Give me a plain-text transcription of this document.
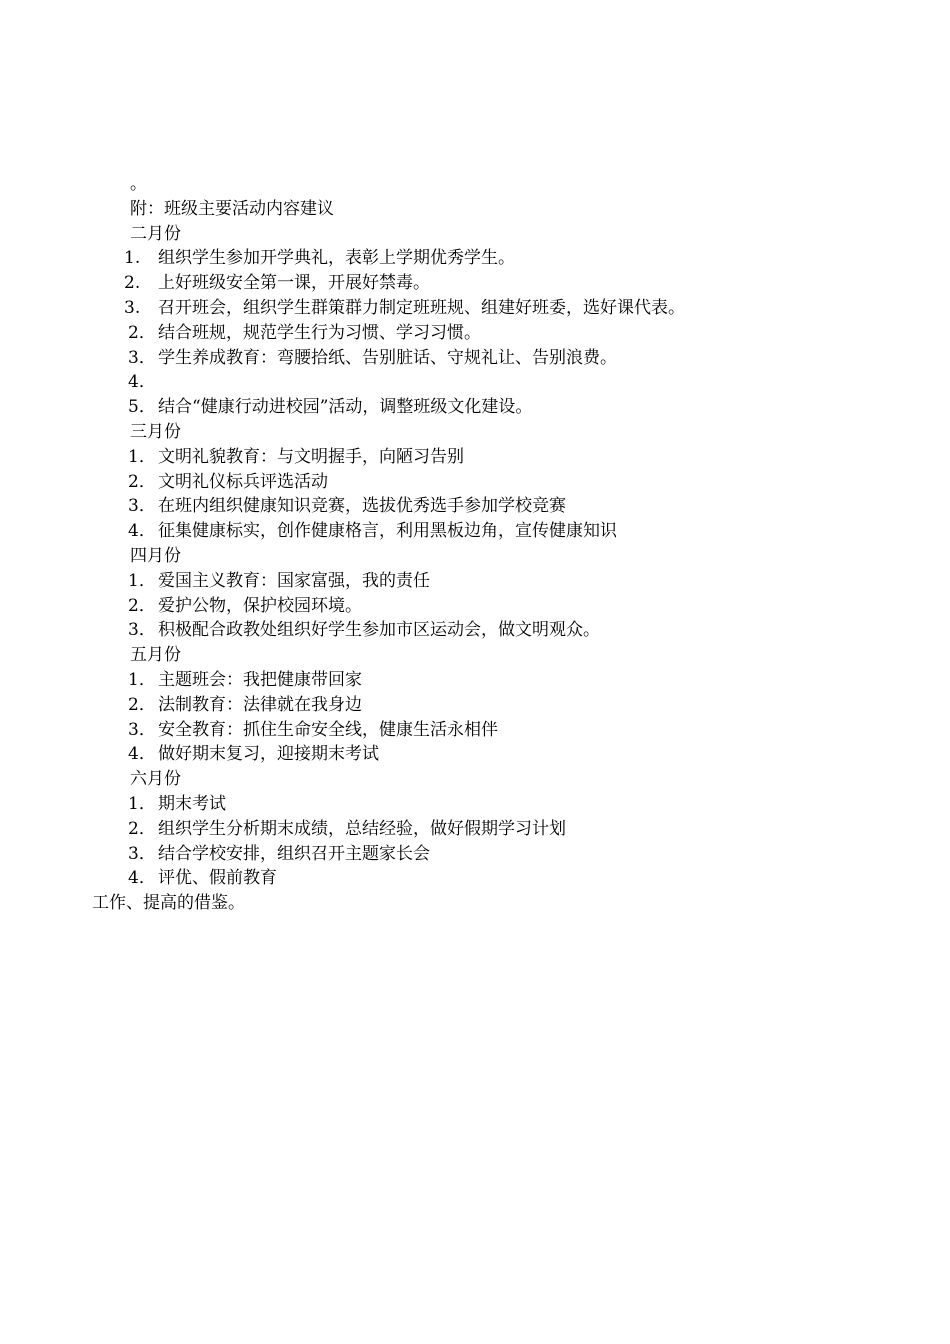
。
附：班级主要活动内容建议
二月份
1. 组织学生参加开学典礼，表彰上学期优秀学生。
2. 上好班级安全第一课，开展好禁毒。
3. 召开班会，组织学生群策群力制定班班规、组建好班委，选好课代表。
2． 结合班规，规范学生行为习惯、学习习惯。
3． 学生养成教育：弯腰拾纸、告别脏话、守规礼让、告别浪费。
4．
5． 结合“健康行动进校园”活动，调整班级文化建设。
三月份
1． 文明礼貌教育：与文明握手，向陋习告别
2． 文明礼仪标兵评选活动
3． 在班内组织健康知识竞赛，选拔优秀选手参加学校竞赛
4． 征集健康标实，创作健康格言，利用黑板边角，宣传健康知识
四月份
1． 爱国主义教育：国家富强，我的责任
2． 爱护公物，保护校园环境。
3． 积极配合政教处组织好学生参加市区运动会，做文明观众。
五月份
1． 主题班会：我把健康带回家
2． 法制教育：法律就在我身边
3． 安全教育：抓住生命安全线，健康生活永相伴
4． 做好期末复习，迎接期末考试
六月份
1． 期末考试
2． 组织学生分析期末成绩，总结经验，做好假期学习计划
3． 结合学校安排，组织召开主题家长会
4． 评优、假前教育
工作、提高的借鉴。
